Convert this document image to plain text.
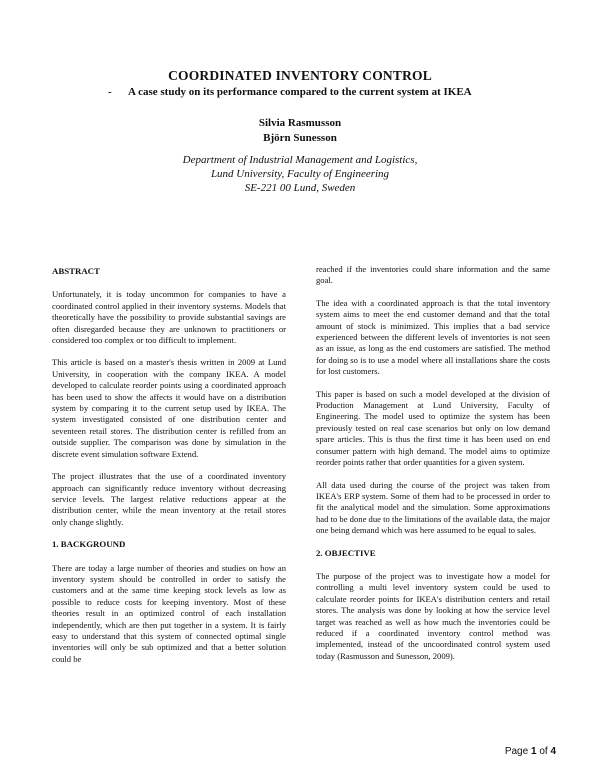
COORDINATED INVENTORY CONTROL
- A case study on its performance compared to the current system at IKEA
Silvia Rasmusson
Björn Sunesson
Department of Industrial Management and Logistics,
Lund University, Faculty of Engineering
SE-221 00 Lund, Sweden
ABSTRACT

Unfortunately, it is today uncommon for companies to have a coordinated control applied in their inventory systems. Models that theoretically have the possibility to provide substantial savings are often disregarded because they are unknown to practitioners or considered too complex or too difficult to implement.

This article is based on a master's thesis written in 2009 at Lund University, in cooperation with the company IKEA. A model developed to calculate reorder points using a coordinated approach has been used to show the affects it would have on a distribution system by comparing it to the current setup used by IKEA. The system investigated consisted of one distribution center and seventeen retail stores. The distribution center is refilled from an outside supplier. The comparison was done by simulation in the discrete event simulation software Extend.

The project illustrates that the use of a coordinated inventory approach can significantly reduce inventory without decreasing service levels. The largest relative reductions appear at the distribution center, while the mean inventory at the retail stores only change slightly.

1. BACKGROUND

There are today a large number of theories and studies on how an inventory system should be controlled in order to satisfy the customers and at the same time keeping stock levels as low as possible to reduce costs for keeping inventory. Most of these theories result in an optimized control of each installation independently, which are then put together in a system. It is fairly easy to understand that this system of connected optimal single inventories will only be sub optimized and that a better solution could be

reached if the inventories could share information and the same goal.

The idea with a coordinated approach is that the total inventory system aims to meet the end customer demand and that the total amount of stock is minimized. This implies that a bad service experienced between the different levels of inventories is not seen as an issue, as long as the end customers are satisfied. The method for doing so is to use a model where all installations share the costs for lost customers.

This paper is based on such a model developed at the division of Production Management at Lund University, Faculty of Engineering. The model used to optimize the system has been previously tested on real case scenarios but only on low demand spare articles. This is thus the first time it has been used on end consumer pattern with high demand. The model aims to optimize reorder points rather that order quantities for a given system.

All data used during the course of the project was taken from IKEA's ERP system. Some of them had to be processed in order to fit the analytical model and the simulation. Some approximations had to be done due to the limitations of the available data, the major one being demand which was here assumed to be equal to sales.

2. OBJECTIVE

The purpose of the project was to investigate how a model for controlling a multi level inventory system could be used to calculate reorder points for IKEA's distribution centers and retail stores. The analysis was done by looking at how the service level target was reached as well as how much the inventories could be reduced if a coordinated inventory control method was implemented, instead of the uncoordinated control system used today (Rasmusson and Sunesson, 2009).

Page 1 of 4
